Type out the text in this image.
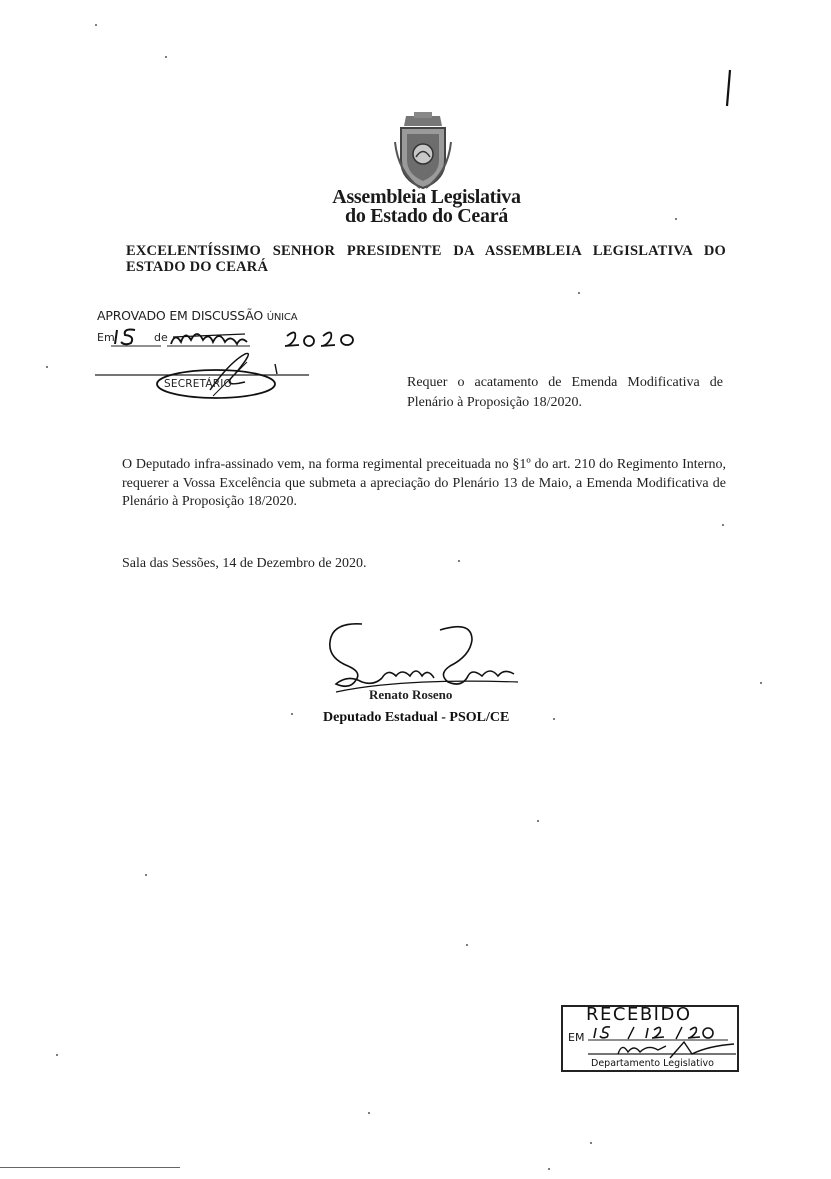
Assembleia Legislativa
do Estado do Ceará
EXCELENTÍSSIMO SENHOR PRESIDENTE DA ASSEMBLEIA LEGISLATIVA DO
ESTADO DO CEARÁ
APROVADO EM DISCUSSÃO ÚNICA
Em	de
SECRETÁRIO	Requer o acatamento de Emenda Modificativa de Plenário à Proposição 18/2020.
O Deputado infra-assinado vem, na forma regimental preceituada no §1º do art. 210 do Regimento Interno, requerer a Vossa Excelência que submeta a apreciação do Plenário 13 de Maio, a Emenda Modificativa de Plenário à Proposição 18/2020.
Sala das Sessões, 14 de Dezembro de 2020.
Renato Roseno
Deputado Estadual - PSOL/CE
RECEBIDO
EM
Departamento Legislativo
